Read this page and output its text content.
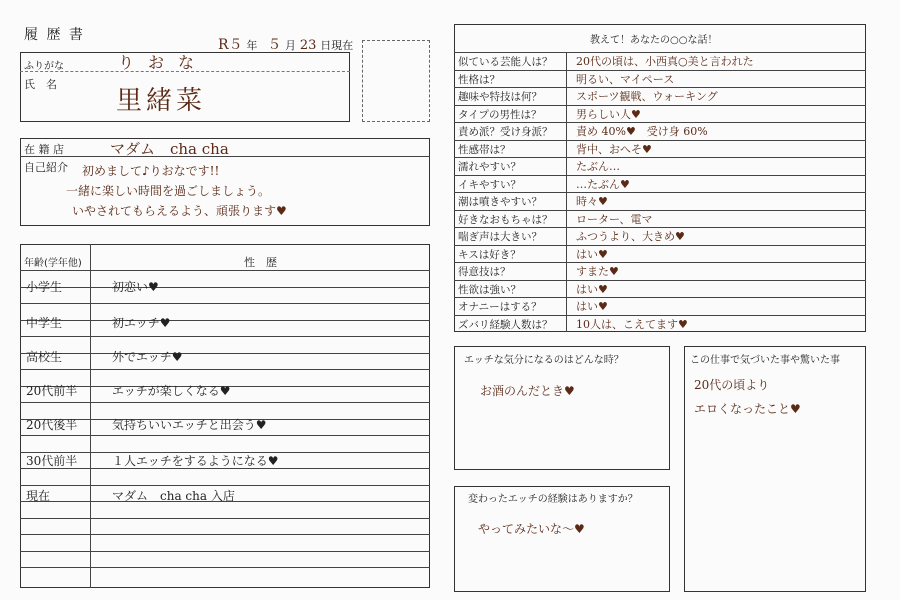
履 歴 書
R５ 年 ５ 月 23 日現在
ふりがな	りおな
氏　名
里緒菜
在 籍 店	マダム　cha cha
自己紹介 初めまして♪りおなです!!
一緒に楽しい時間を過ごしましょう。
いやされてもらえるよう、頑張ります♥
年齢(学年他)	性　歴
小学生	初恋い♥
中学生	初エッチ♥
高校生	外でエッチ♥
20代前半	エッチが楽しくなる♥
20代後半	気持ちいいエッチと出会う♥
30代前半	１人エッチをするようになる♥
現在	マダム　cha cha 入店
教えて！あなたの○○な話！
似ている芸能人は？ 20代の頃は、小西真○美と言われた
性格は？	明るい、マイペース
趣味や特技は何？	スポーツ観戦、ウォーキング
タイプの男性は？	男らしい人♥
責め派？受け身派？ 責め 40%♥　受け身 60%
性感帯は？	背中、おへそ♥
濡れやすい？	たぶん…
イキやすい？	…たぶん♥
潮は噴きやすい？	時々♥
好きなおもちゃは？ ローター、電マ
喘ぎ声は大きい？	ふつうより、大きめ♥
キスは好き？	はい♥
得意技は？	すまた♥
性欲は強い？	はい♥
オナニーはする？	はい♥
ズバリ経験人数は？ 10人は、こえてます♥
エッチな気分になるのはどんな時？
お酒のんだとき♥
変わったエッチの経験はありますか？
やってみたいな～♥
この仕事で気づいた事や驚いた事
20代の頃より
エロくなったこと♥
